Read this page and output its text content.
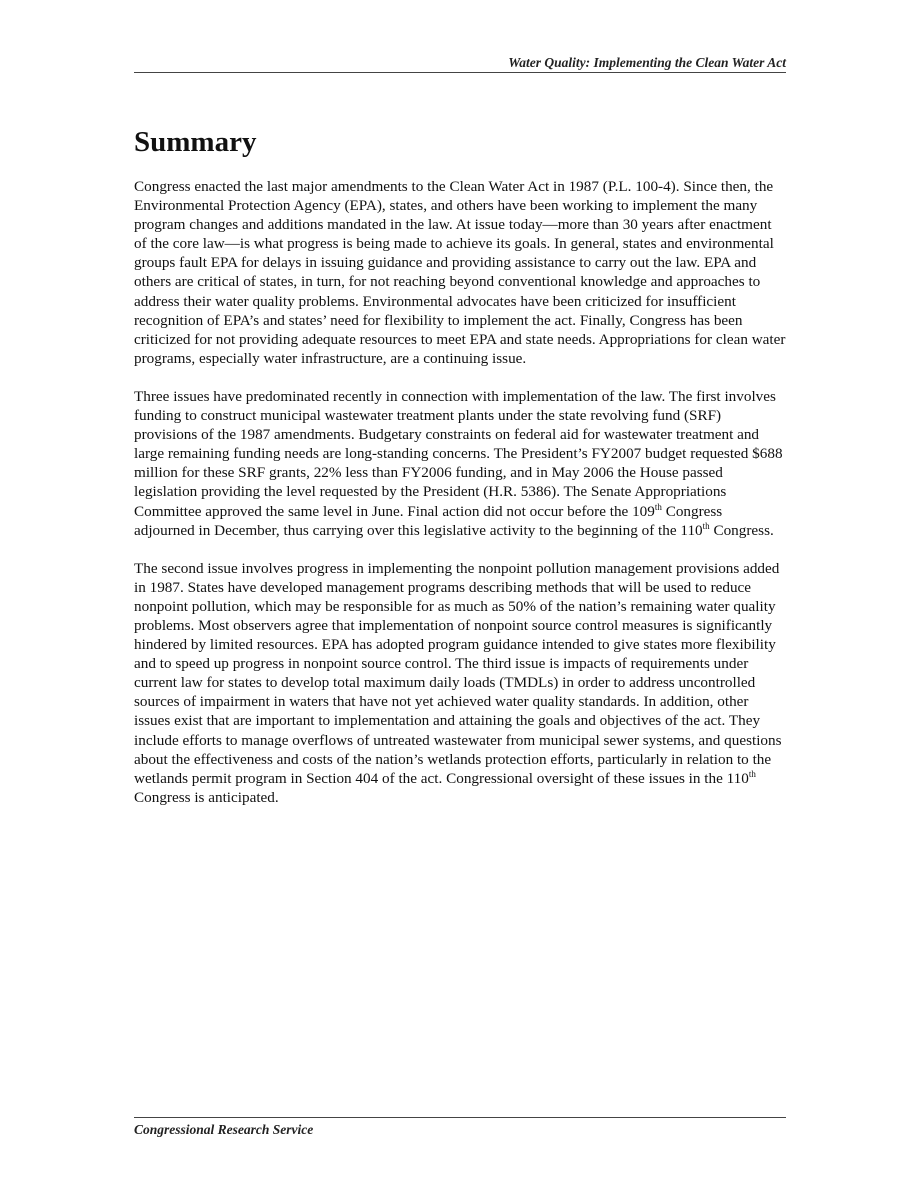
Water Quality: Implementing the Clean Water Act
Summary

Congress enacted the last major amendments to the Clean Water Act in 1987 (P.L. 100-4). Since then, the Environmental Protection Agency (EPA), states, and others have been working to implement the many program changes and additions mandated in the law. At issue today—more than 30 years after enactment of the core law—is what progress is being made to achieve its goals. In general, states and environmental groups fault EPA for delays in issuing guidance and providing assistance to carry out the law. EPA and others are critical of states, in turn, for not reaching beyond conventional knowledge and approaches to address their water quality problems. Environmental advocates have been criticized for insufficient recognition of EPA’s and states’ need for flexibility to implement the act. Finally, Congress has been criticized for not providing adequate resources to meet EPA and state needs. Appropriations for clean water programs, especially water infrastructure, are a continuing issue.

Three issues have predominated recently in connection with implementation of the law. The first involves funding to construct municipal wastewater treatment plants under the state revolving fund (SRF) provisions of the 1987 amendments. Budgetary constraints on federal aid for wastewater treatment and large remaining funding needs are long-standing concerns. The President’s FY2007 budget requested $688 million for these SRF grants, 22% less than FY2006 funding, and in May 2006 the House passed legislation providing the level requested by the President (H.R. 5386). The Senate Appropriations Committee approved the same level in June. Final action did not occur before the 109th Congress adjourned in December, thus carrying over this legislative activity to the beginning of the 110th Congress.

The second issue involves progress in implementing the nonpoint pollution management provisions added in 1987. States have developed management programs describing methods that will be used to reduce nonpoint pollution, which may be responsible for as much as 50% of the nation’s remaining water quality problems. Most observers agree that implementation of nonpoint source control measures is significantly hindered by limited resources. EPA has adopted program guidance intended to give states more flexibility and to speed up progress in nonpoint source control. The third issue is impacts of requirements under current law for states to develop total maximum daily loads (TMDLs) in order to address uncontrolled sources of impairment in waters that have not yet achieved water quality standards. In addition, other issues exist that are important to implementation and attaining the goals and objectives of the act. They include efforts to manage overflows of untreated wastewater from municipal sewer systems, and questions about the effectiveness and costs of the nation’s wetlands protection efforts, particularly in relation to the wetlands permit program in Section 404 of the act. Congressional oversight of these issues in the 110th Congress is anticipated.

Congressional Research Service
